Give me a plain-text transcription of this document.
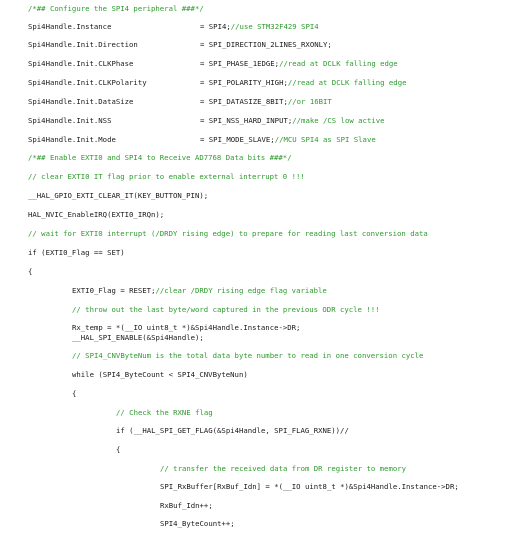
/*## Configure the SPI4 peripheral ###*/
Spi4Handle.Instance	= SPI4;//use STM32F429 SPI4
Spi4Handle.Init.Direction	= SPI_DIRECTION_2LINES_RXONLY;
Spi4Handle.Init.CLKPhase	= SPI_PHASE_1EDGE;//read at DCLK falling edge
Spi4Handle.Init.CLKPolarity	= SPI_POLARITY_HIGH;//read at DCLK falling edge
Spi4Handle.Init.DataSize	= SPI_DATASIZE_8BIT;//or 16BIT
Spi4Handle.Init.NSS	= SPI_NSS_HARD_INPUT;//make /CS low active
Spi4Handle.Init.Mode	= SPI_MODE_SLAVE;//MCU SPI4 as SPI Slave
/*## Enable EXTI0 and SPI4 to Receive AD7768 Data bits ###*/
// clear EXTI0 IT flag prior to enable external interrupt 0 !!!
__HAL_GPIO_EXTI_CLEAR_IT(KEY_BUTTON_PIN);
HAL_NVIC_EnableIRQ(EXTI0_IRQn);
// wait for EXTI0 interrupt (/DRDY rising edge) to prepare for reading last conversion data
if (EXTI0_Flag == SET)
{
EXTI0_Flag = RESET;//clear /DRDY rising edge flag variable
// throw out the last byte/word captured in the previous ODR cycle !!!
Rx_temp = *(__IO uint8_t *)&Spi4Handle.Instance->DR;
__HAL_SPI_ENABLE(&Spi4Handle);
// SPI4_CNVByteNum is the total data byte number to read in one conversion cycle
while (SPI4_ByteCount < SPI4_CNVByteNun)
{
// Check the RXNE flag
if (__HAL_SPI_GET_FLAG(&Spi4Handle, SPI_FLAG_RXNE))//
{
// transfer the received data from DR register to memory
SPI_RxBuffer[RxBuf_Idn] = *(__IO uint8_t *)&Spi4Handle.Instance->DR;
RxBuf_Idn++;
SPI4_ByteCount++;
